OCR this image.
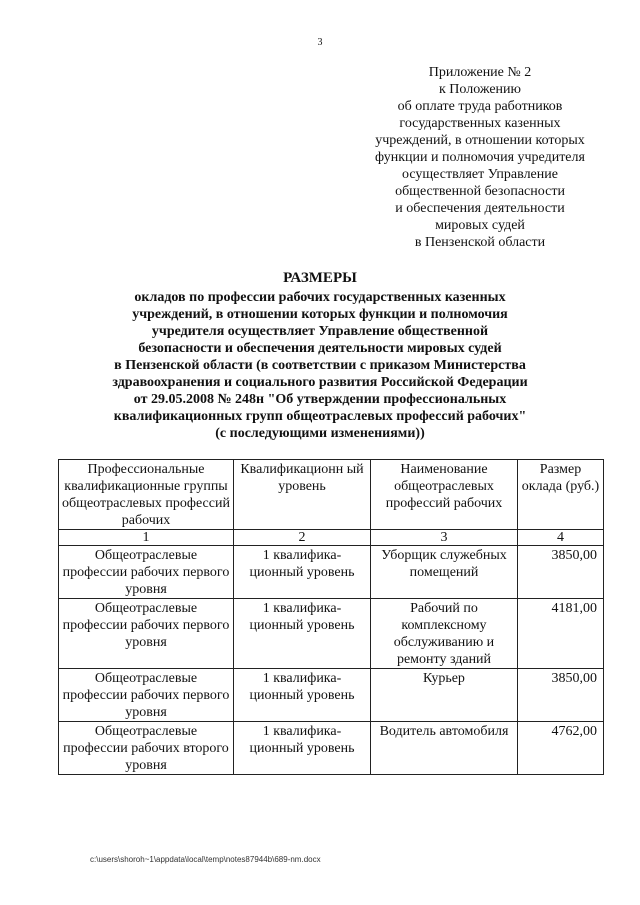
3
Приложение № 2
к Положению
об оплате труда работников
государственных казенных
учреждений, в отношении которых
функции и полномочия учредителя
осуществляет Управление
общественной безопасности
и обеспечения деятельности
мировых судей
в Пензенской области
РАЗМЕРЫ
окладов по профессии рабочих государственных казенных
учреждений, в отношении которых функции и полномочия
учредителя осуществляет Управление общественной
безопасности и обеспечения деятельности мировых судей
в Пензенской области (в соответствии с приказом Министерства
здравоохранения и социального развития Российской Федерации
от 29.05.2008 № 248н "Об утверждении профессиональных
квалификационных групп общеотраслевых профессий рабочих"
(с последующими изменениями))
Профессиональные квалификационные группы общеотраслевых профессий рабочих	Квалификационн ый уровень	Наименование общеотраслевых профессий рабочих	Размер оклада (руб.)
1	2	3	4
Общеотраслевые профессии рабочих первого уровня	1 квалифика- ционный уровень	Уборщик служебных помещений	3850,00
Общеотраслевые профессии рабочих первого уровня	1 квалифика- ционный уровень	Рабочий по комплексному обслуживанию и ремонту зданий	4181,00
Общеотраслевые профессии рабочих первого уровня	1 квалифика- ционный уровень	Курьер	3850,00
Общеотраслевые профессии рабочих второго уровня	1 квалифика- ционный уровень	Водитель автомобиля	4762,00
c:\users\shoroh~1\appdata\local\temp\notes87944b\689-nm.docx
